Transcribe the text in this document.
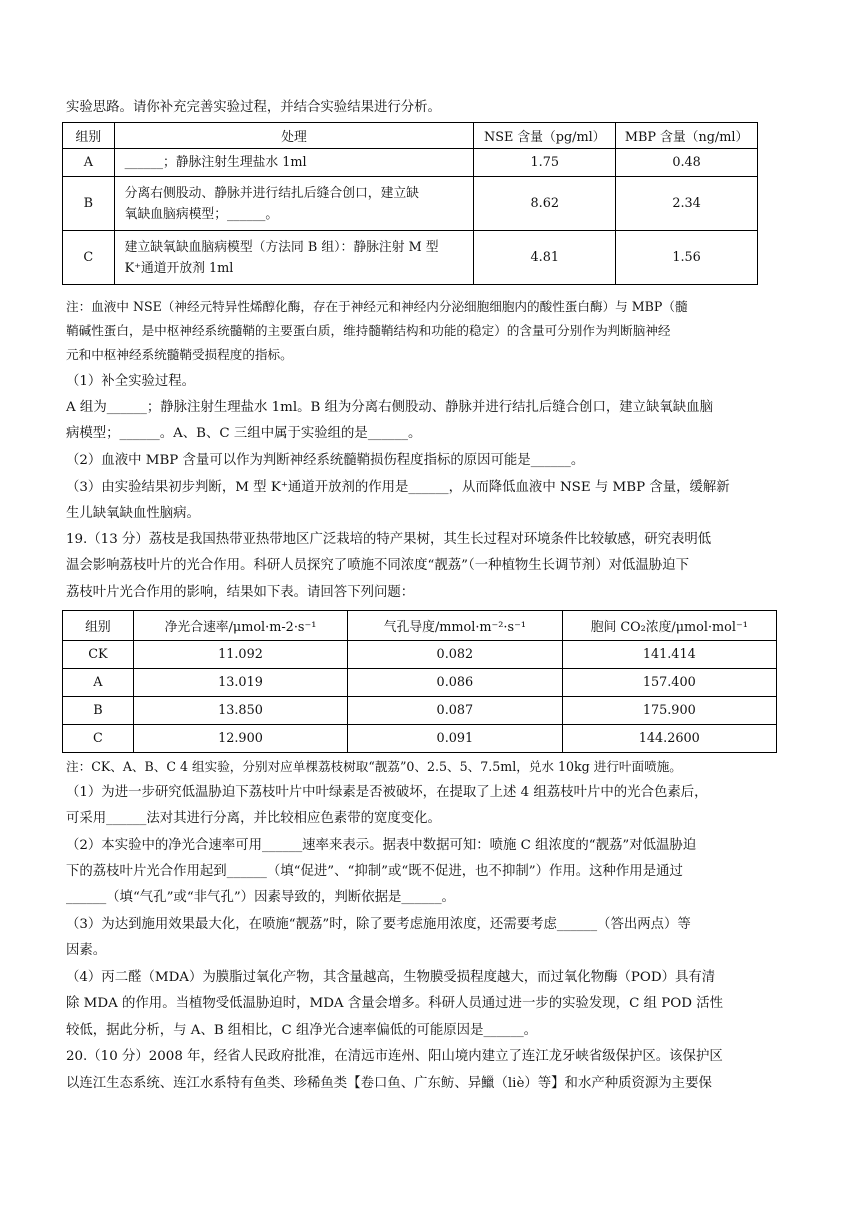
实验思路。请你补充完善实验过程，并结合实验结果进行分析。
组别	处理	NSE 含量（pg/ml）	MBP 含量（ng/ml）
A	______；静脉注射生理盐水 1ml	1.75	0.48
B	分离右侧股动、静脉并进行结扎后缝合创口，建立缺
氧缺血脑病模型；______。	8.62	2.34
C	建立缺氧缺血脑病模型（方法同 B 组）：静脉注射 M 型
K⁺通道开放剂 1ml	4.81	1.56
注：血液中 NSE（神经元特异性烯醇化酶，存在于神经元和神经内分泌细胞细胞内的酸性蛋白酶）与 MBP（髓
鞘碱性蛋白，是中枢神经系统髓鞘的主要蛋白质，维持髓鞘结构和功能的稳定）的含量可分别作为判断脑神经
元和中枢神经系统髓鞘受损程度的指标。
（1）补全实验过程。
A 组为______；静脉注射生理盐水 1ml。B 组为分离右侧股动、静脉并进行结扎后缝合创口，建立缺氧缺血脑
病模型；______。A、B、C 三组中属于实验组的是______。
（2）血液中 MBP 含量可以作为判断神经系统髓鞘损伤程度指标的原因可能是______。
（3）由实验结果初步判断，M 型 K⁺通道开放剂的作用是______，从而降低血液中 NSE 与 MBP 含量，缓解新
生儿缺氧缺血性脑病。
19.（13 分）荔枝是我国热带亚热带地区广泛栽培的特产果树，其生长过程对环境条件比较敏感，研究表明低
温会影响荔枝叶片的光合作用。科研人员探究了喷施不同浓度“靓荔”（一种植物生长调节剂）对低温胁迫下
荔枝叶片光合作用的影响，结果如下表。请回答下列问题：
组别	净光合速率/μmol·m-2·s⁻¹	气孔导度/mmol·m⁻²·s⁻¹	胞间 CO₂浓度/μmol·mol⁻¹
CK	11.092	0.082	141.414
A	13.019	0.086	157.400
B	13.850	0.087	175.900
C	12.900	0.091	144.2600
注：CK、A、B、C 4 组实验，分别对应单棵荔枝树取“靓荔”0、2.5、5、7.5ml，兑水 10kg 进行叶面喷施。
（1）为进一步研究低温胁迫下荔枝叶片中叶绿素是否被破坏，在提取了上述 4 组荔枝叶片中的光合色素后，
可采用______法对其进行分离，并比较相应色素带的宽度变化。
（2）本实验中的净光合速率可用______速率来表示。据表中数据可知：喷施 C 组浓度的“靓荔”对低温胁迫
下的荔枝叶片光合作用起到______（填“促进”、“抑制”或“既不促进，也不抑制”）作用。这种作用是通过
______（填“气孔”或“非气孔”）因素导致的，判断依据是______。
（3）为达到施用效果最大化，在喷施“靓荔”时，除了要考虑施用浓度，还需要考虑______（答出两点）等
因素。
（4）丙二醛（MDA）为膜脂过氧化产物，其含量越高，生物膜受损程度越大，而过氧化物酶（POD）具有清
除 MDA 的作用。当植物受低温胁迫时，MDA 含量会增多。科研人员通过进一步的实验发现，C 组 POD 活性
较低，据此分析，与 A、B 组相比，C 组净光合速率偏低的可能原因是______。
20.（10 分）2008 年，经省人民政府批准，在清远市连州、阳山境内建立了连江龙牙峡省级保护区。该保护区
以连江生态系统、连江水系特有鱼类、珍稀鱼类【卷口鱼、广东鲂、异鱲（liè）等】和水产种质资源为主要保
